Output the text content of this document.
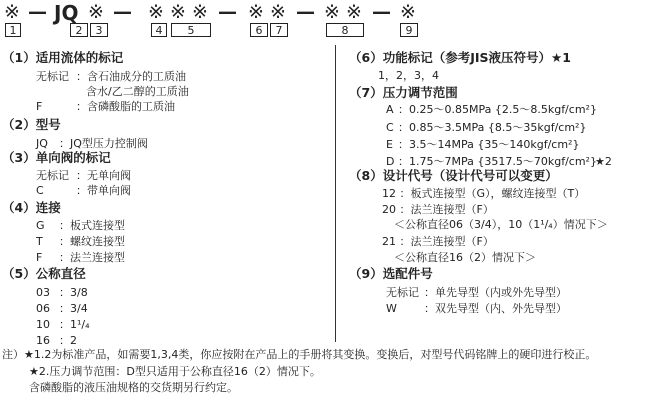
※ — JQ ※ — ※ ※ ※ — ※ ※ — ※ ※ — ※
1	2	3	4	5	6	7	8	9
（1）适用流体的标记
无标记 ：含石油成分的工质油
含水/乙二醇的工质油
F	：含磷酸脂的工质油
（2）型号
JQ ：JQ型压力控制阀
（3）单向阀的标记
无标记 ：无单向阀
C	：带单向阀
（4）连接
G ：板式连接型
T ：螺纹连接型
F ：法兰连接型
（5）公称直径
03 ：3/8
06 ：3/4
10 ：1¹/₄
16 ：2
（6）功能标记（参考JIS液压符号）★1
1，2，3，4
（7）压力调节范围
A ：0.25～0.85MPa {2.5～8.5kgf/cm²}
C ：0.85～3.5MPa {8.5～35kgf/cm²}
E ：3.5～14MPa {35～140kgf/cm²}
D ：1.75～7MPa {3517.5～70kgf/cm²}
★2
（8）设计代号（设计代号可以变更）
12 ：板式连接型（G），螺纹连接型（T）
20 ：法兰连接型（F）
＜公称直径06（3/4），10（1¹/₄）情况下＞
21 ：法兰连接型（F）
＜公称直径16（2）情况下＞
（9）选配件号
无标记 ：单先导型（内或外先导型）
W ：双先导型（内、外先导型）
注）★1.2为标准产品，如需要1,3,4类，你应按附在产品上的手册将其变换。变换后，对型号代码铭牌上的硬印进行校正。
★2.压力调节范围：D型只适用于公称直径16（2）情况下。
含磷酸脂的液压油规格的交货期另行约定。
